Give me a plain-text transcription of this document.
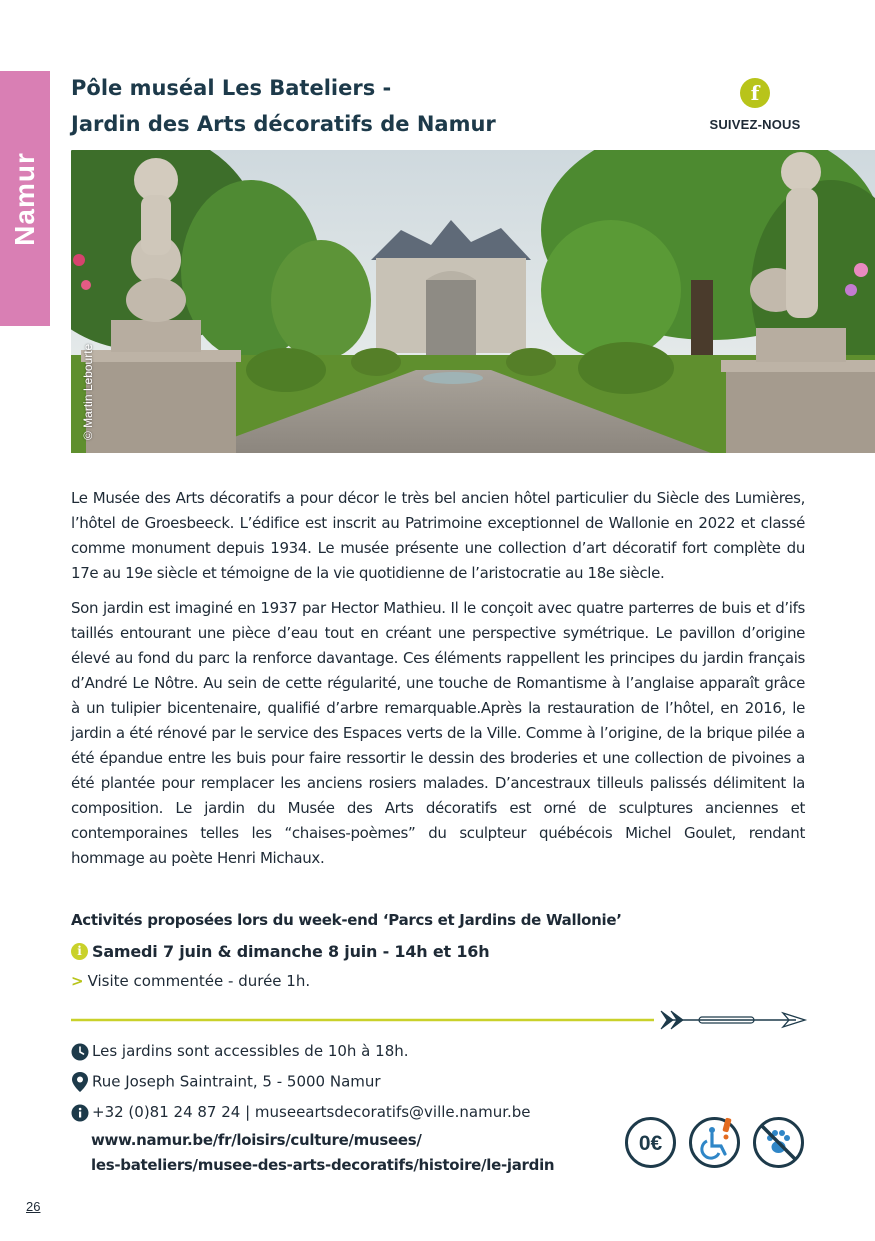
Namur
Pôle muséal Les Bateliers -
Jardin des Arts décoratifs de Namur
f
SUIVEZ-NOUS
© Martin Lebourte

Le Musée des Arts décoratifs a pour décor le très bel ancien hôtel particulier du Siècle des Lumières, l’hôtel de Groesbeeck. L’édifice est inscrit au Patrimoine exceptionnel de Wallonie en 2022 et classé comme monument depuis 1934. Le musée présente une collection d’art décoratif fort complète du 17e au 19e siècle et témoigne de la vie quotidienne de l’aristocratie au 18e siècle.

Son jardin est imaginé en 1937 par Hector Mathieu. Il le conçoit avec quatre parterres de buis et d’ifs taillés entourant une pièce d’eau tout en créant une perspective symétrique. Le pavillon d’origine élevé au fond du parc la renforce davantage. Ces éléments rappellent les principes du jardin français d’André Le Nôtre. Au sein de cette régularité, une touche de Romantisme à l’anglaise apparaît grâce à un tulipier bicentenaire, qualifié d’arbre remarquable.Après la restauration de l’hôtel, en 2016, le jardin a été rénové par le service des Espaces verts de la Ville. Comme à l’origine, de la brique pilée a été épandue entre les buis pour faire ressortir le dessin des broderies et une collection de pivoines a été plantée pour remplacer les anciens rosiers malades. D’ancestraux tilleuls palissés délimitent la composition. Le jardin du Musée des Arts décoratifs est orné de sculptures anciennes et contemporaines telles les “chaises-poèmes” du sculpteur québécois Michel Goulet, rendant hommage au poète Henri Michaux.

Activités proposées lors du week-end ‘Parcs et Jardins de Wallonie’
i Samedi 7 juin & dimanche 8 juin - 14h et 16h
> Visite commentée - durée 1h.
Les jardins sont accessibles de 10h à 18h.
Rue Joseph Saintraint, 5 - 5000 Namur
+32 (0)81 24 87 24 | museeartsdecoratifs@ville.namur.be
www.namur.be/fr/loisirs/culture/musees/
les-bateliers/musee-des-arts-decoratifs/histoire/le-jardin
0€
26
